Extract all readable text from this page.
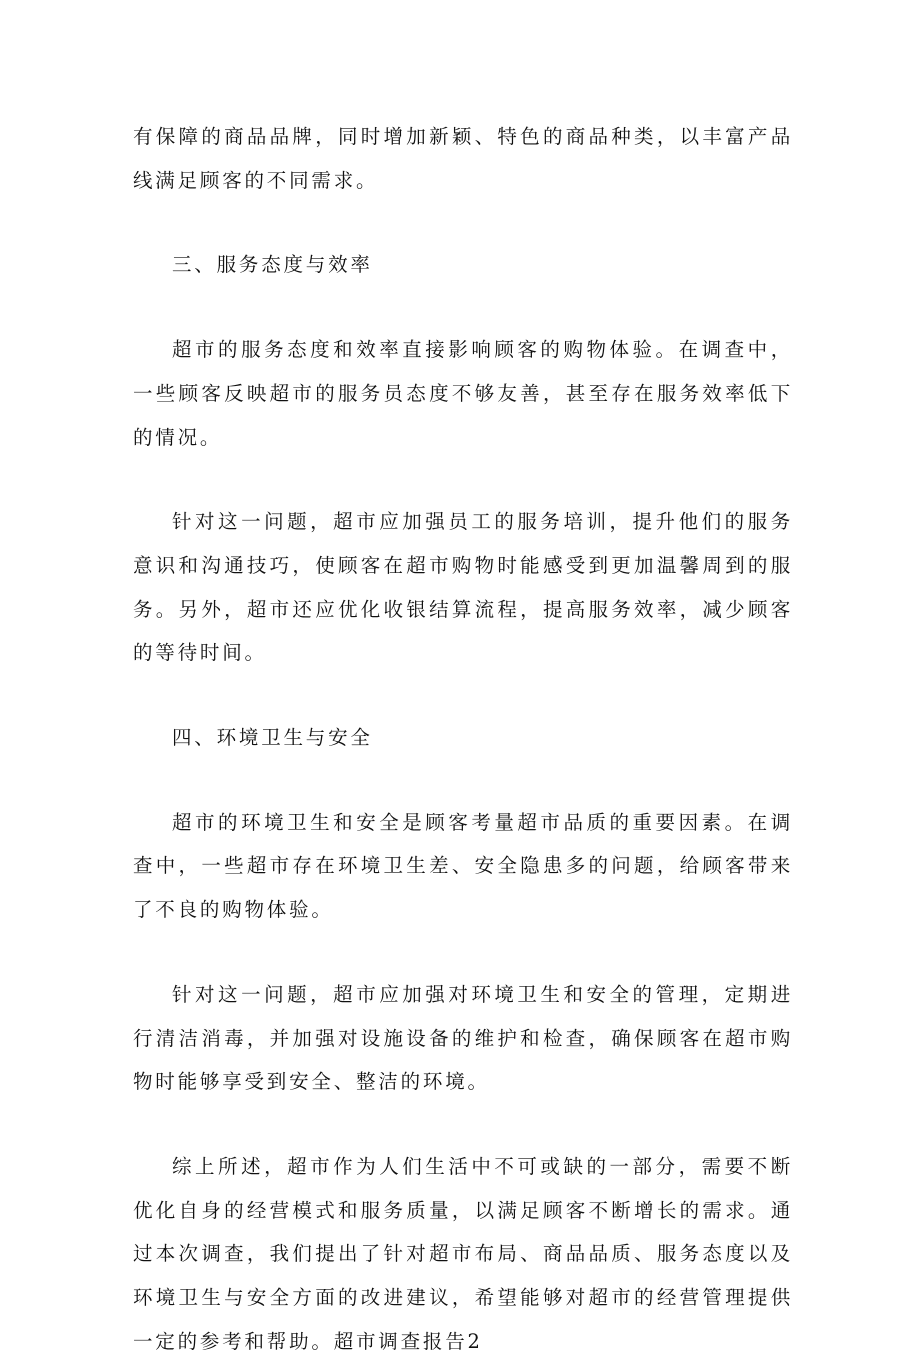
有保障的商品品牌，同时增加新颖、特色的商品种类，以丰富产品线满足顾客的不同需求。

三、服务态度与效率

超市的服务态度和效率直接影响顾客的购物体验。在调查中，一些顾客反映超市的服务员态度不够友善，甚至存在服务效率低下的情况。

针对这一问题，超市应加强员工的服务培训，提升他们的服务意识和沟通技巧，使顾客在超市购物时能感受到更加温馨周到的服务。另外，超市还应优化收银结算流程，提高服务效率，减少顾客的等待时间。

四、环境卫生与安全

超市的环境卫生和安全是顾客考量超市品质的重要因素。在调查中，一些超市存在环境卫生差、安全隐患多的问题，给顾客带来了不良的购物体验。

针对这一问题，超市应加强对环境卫生和安全的管理，定期进行清洁消毒，并加强对设施设备的维护和检查，确保顾客在超市购物时能够享受到安全、整洁的环境。

综上所述，超市作为人们生活中不可或缺的一部分，需要不断优化自身的经营模式和服务质量，以满足顾客不断增长的需求。通过本次调查，我们提出了针对超市布局、商品品质、服务态度以及环境卫生与安全方面的改进建议，希望能够对超市的经营管理提供一定的参考和帮助。超市调查报告2
